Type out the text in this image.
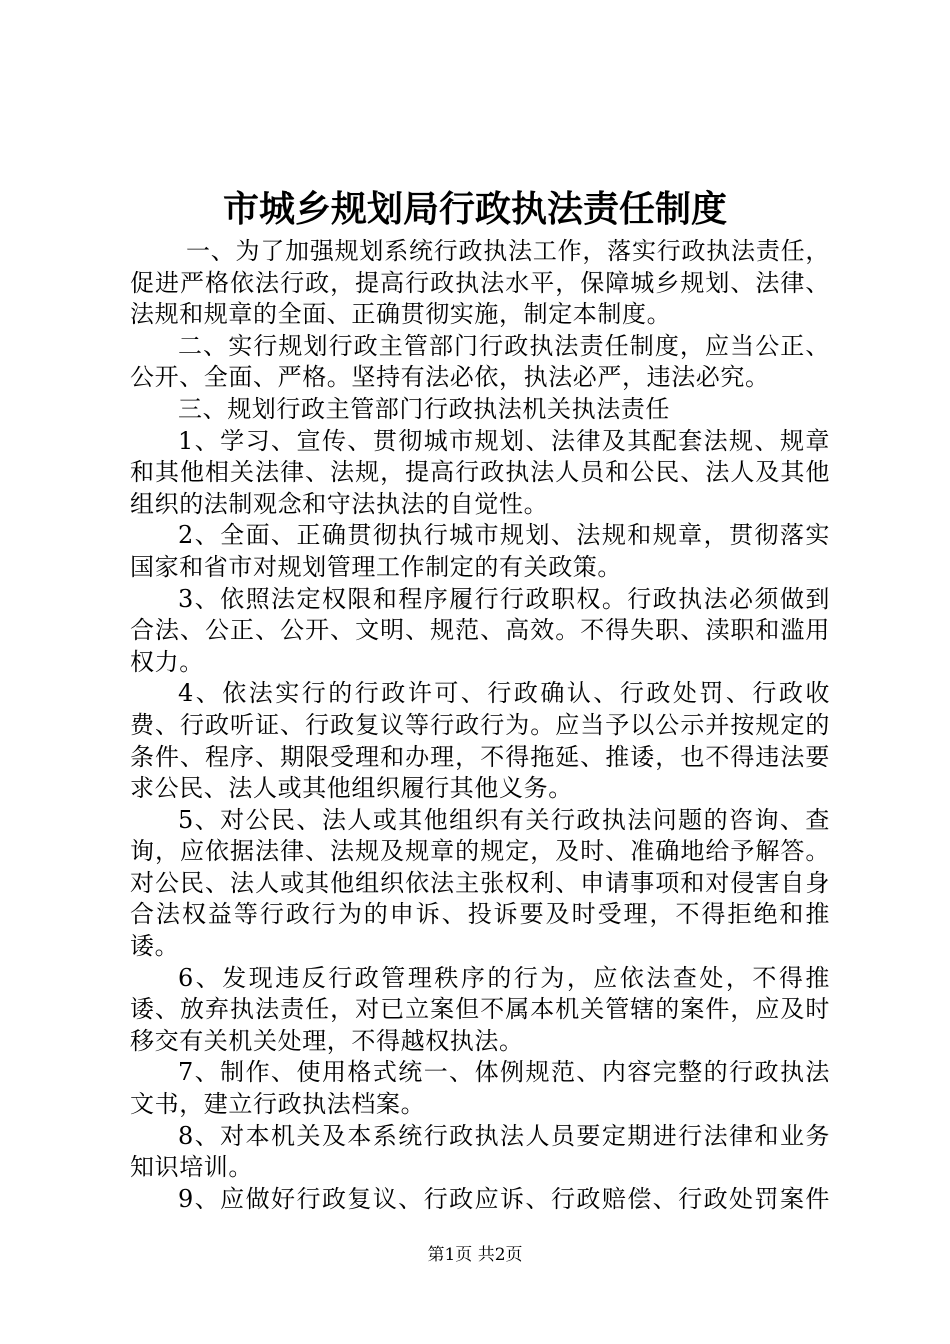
市城乡规划局行政执法责任制度

一、为了加强规划系统行政执法工作，落实行政执法责任，促进严格依法行政，提高行政执法水平，保障城乡规划、法律、法规和规章的全面、正确贯彻实施，制定本制度。

二、实行规划行政主管部门行政执法责任制度，应当公正、公开、全面、严格。坚持有法必依，执法必严，违法必究。

三、规划行政主管部门行政执法机关执法责任

1、学习、宣传、贯彻城市规划、法律及其配套法规、规章和其他相关法律、法规，提高行政执法人员和公民、法人及其他组织的法制观念和守法执法的自觉性。

2、全面、正确贯彻执行城市规划、法规和规章，贯彻落实国家和省市对规划管理工作制定的有关政策。

3、依照法定权限和程序履行行政职权。行政执法必须做到合法、公正、公开、文明、规范、高效。不得失职、渎职和滥用权力。

4、依法实行的行政许可、行政确认、行政处罚、行政收费、行政听证、行政复议等行政行为。应当予以公示并按规定的条件、程序、期限受理和办理，不得拖延、推诿，也不得违法要求公民、法人或其他组织履行其他义务。

5、对公民、法人或其他组织有关行政执法问题的咨询、查询，应依据法律、法规及规章的规定，及时、准确地给予解答。对公民、法人或其他组织依法主张权利、申请事项和对侵害自身合法权益等行政行为的申诉、投诉要及时受理，不得拒绝和推诿。

6、发现违反行政管理秩序的行为，应依法查处，不得推诿、放弃执法责任，对已立案但不属本机关管辖的案件，应及时移交有关机关处理，不得越权执法。

7、制作、使用格式统一、体例规范、内容完整的行政执法文书，建立行政执法档案。

8、对本机关及本系统行政执法人员要定期进行法律和业务知识培训。

9、应做好行政复议、行政应诉、行政赔偿、行政处罚案件

第1页 共2页
